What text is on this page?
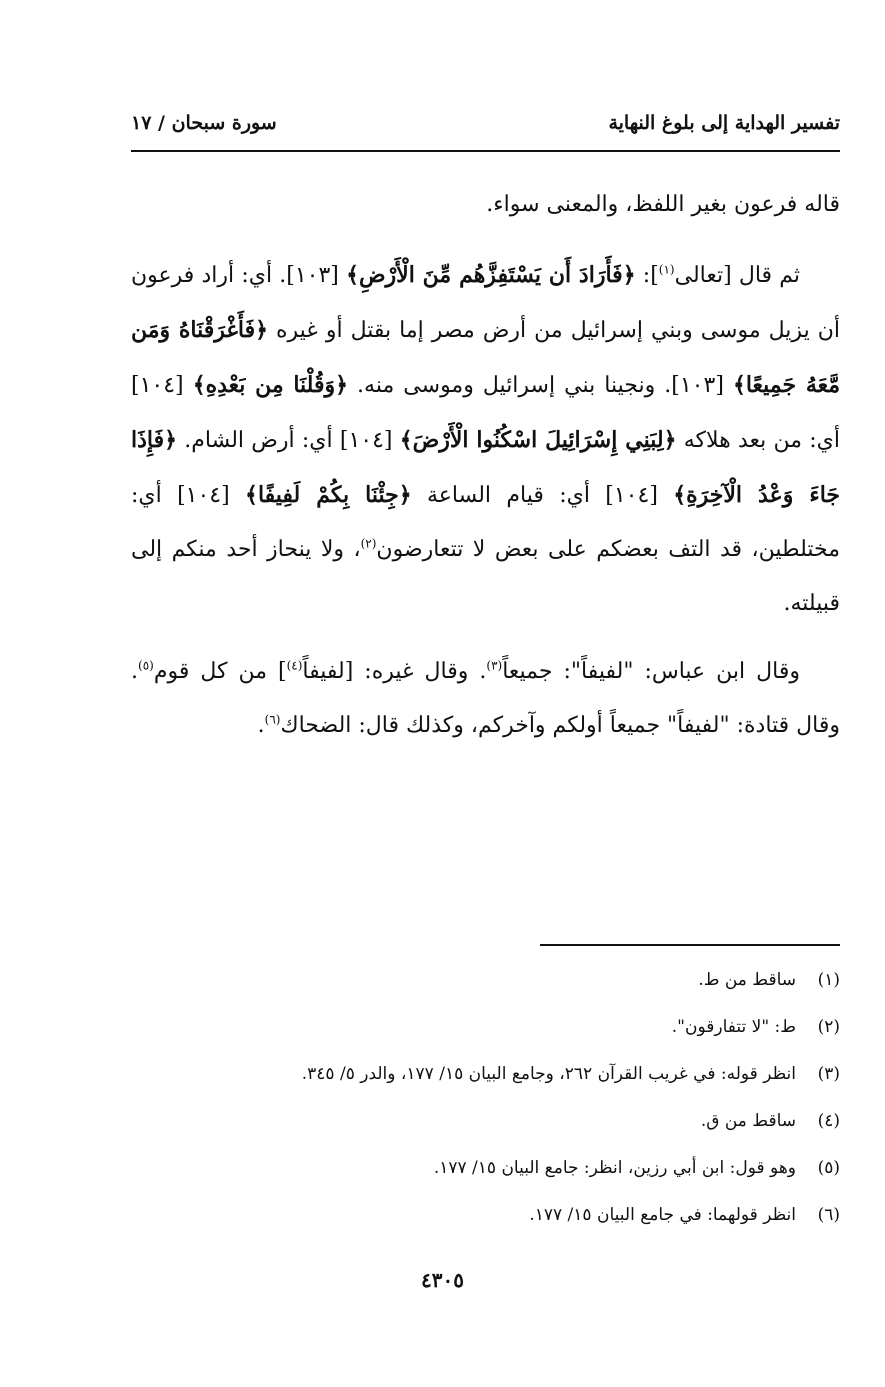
تفسير الهداية إلى بلوغ النهاية
سورة سبحان / ١٧

قاله فرعون بغير اللفظ، والمعنى سواء.

ثم قال [تعالى$^{(١)}$]: ﴿فَأَرَادَ أَن يَسْتَفِزَّهُم مِّنَ الْأَرْضِ﴾ [١٠٣]. أي: أراد فرعون أن يزيل موسى وبني إسرائيل من أرض مصر إما بقتل أو غيره ﴿فَأَغْرَقْنَاهُ وَمَن مَّعَهُ جَمِيعًا﴾ [١٠٣]. ونجينا بني إسرائيل وموسى منه. ﴿وَقُلْنَا مِن بَعْدِهِ﴾ [١٠٤] أي: من بعد هلاكه ﴿لِبَنِي إِسْرَائِيلَ اسْكُنُوا الْأَرْضَ﴾ [١٠٤] أي: أرض الشام. ﴿فَإِذَا جَاءَ وَعْدُ الْآخِرَةِ﴾ [١٠٤] أي: قيام الساعة ﴿جِئْنَا بِكُمْ لَفِيفًا﴾ [١٠٤] أي: مختلطين، قد التف بعضكم على بعض لا تتعارضون$^{(٢)}$، ولا ينحاز أحد منكم إلى قبيلته.

وقال ابن عباس: "لفيفاً": جميعاً$^{(٣)}$. وقال غيره: [لفيفاً$^{(٤)}$] من كل قوم$^{(٥)}$. وقال قتادة: "لفيفاً" جميعاً أولكم وآخركم، وكذلك قال: الضحاك$^{(٦)}$.

(١)ساقط من ط.
(٢)ط: "لا تتفارقون".
(٣)انظر قوله: في غريب القرآن ٢٦٢، وجامع البيان ١٥/ ١٧٧، والدر ٥/ ٣٤٥.
(٤)ساقط من ق.
(٥)وهو قول: ابن أبي رزين، انظر: جامع البيان ١٥/ ١٧٧.
(٦)انظر قولهما: في جامع البيان ١٥/ ١٧٧.
٤٣٠٥
